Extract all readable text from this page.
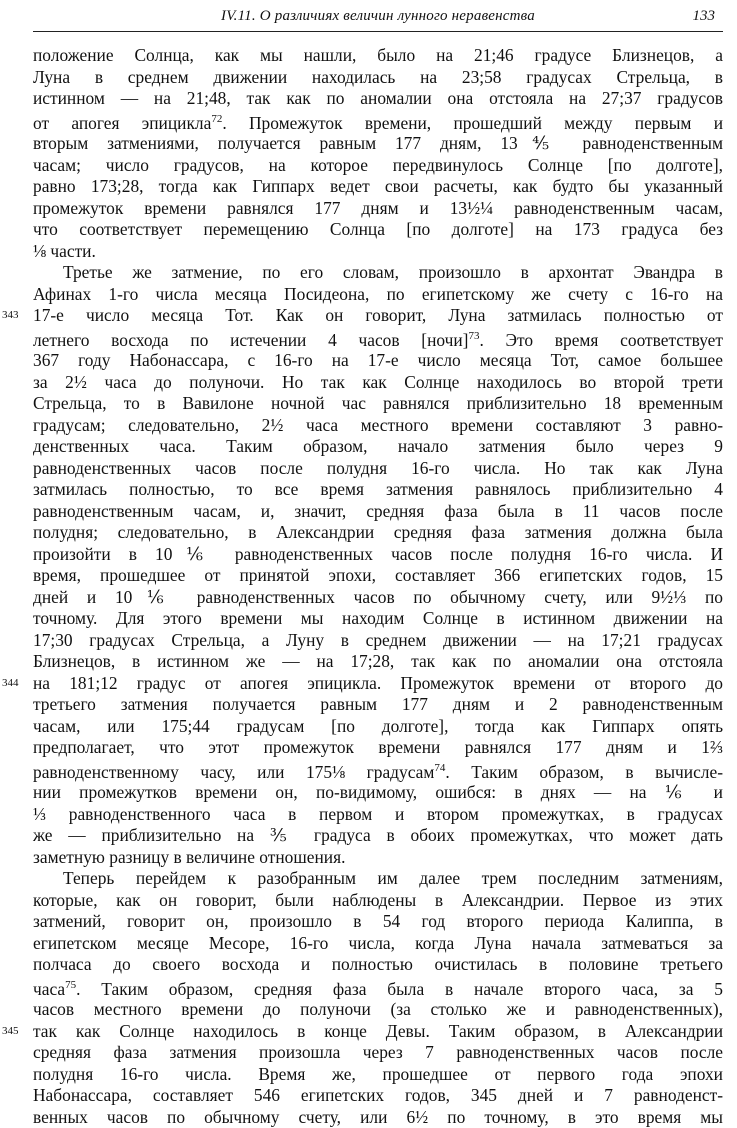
IV.11. О различиях величин лунного неравенства	133
положение Солнца, как мы нашли, было на 21;46 градусе Близнецов, а
Луна в среднем движении находилась на 23;58 градусах Стрельца, в
истинном — на 21;48, так как по аномалии она отстояла на 27;37 градусов
от апогея эпицикла$^{72}$. Промежуток времени, прошедший между первым и
вторым затмениями, получается равным 177 дням, 13⅘ равноденственным
часам; число градусов, на которое передвинулось Солнце [по долготе],
равно 173;28, тогда как Гиппарх ведет свои расчеты, как будто бы указанный
промежуток времени равнялся 177 дням и 13½¼ равноденственным часам,
что соответствует перемещению Солнца [по долготе] на 173 градуса без
⅛ части.
Третье же затмение, по его словам, произошло в архонтат Эвандра в
Афинах 1-го числа месяца Посидеона, по египетскому же счету с 16-го на
343 17-е число месяца Тот. Как он говорит, Луна затмилась полностью от
летнего восхода по истечении 4 часов [ночи]$^{73}$. Это время соответствует
367 году Набонассара, с 16-го на 17-е число месяца Тот, самое большее
за 2½ часа до полуночи. Но так как Солнце находилось во второй трети
Стрельца, то в Вавилоне ночной час равнялся приблизительно 18 временным
градусам; следовательно, 2½ часа местного времени составляют 3 равно-
денственных часа. Таким образом, начало затмения было через 9
равноденственных часов после полудня 16-го числа. Но так как Луна
затмилась полностью, то все время затмения равнялось приблизительно 4
равноденственным часам, и, значит, средняя фаза была в 11 часов после
полудня; следовательно, в Александрии средняя фаза затмения должна была
произойти в 10⅙ равноденственных часов после полудня 16-го числа. И
время, прошедшее от принятой эпохи, составляет 366 египетских годов, 15
дней и 10⅙ равноденственных часов по обычному счету, или 9½⅓ по
точному. Для этого времени мы находим Солнце в истинном движении на
17;30 градусах Стрельца, а Луну в среднем движении — на 17;21 градусах
Близнецов, в истинном же — на 17;28, так как по аномалии она отстояла
344 на 181;12 градус от апогея эпицикла. Промежуток времени от второго до
третьего затмения получается равным 177 дням и 2 равноденственным
часам, или 175;44 градусам [по долготе], тогда как Гиппарх опять
предполагает, что этот промежуток времени равнялся 177 дням и 1⅔
равноденственному часу, или 175⅛ градусам$^{74}$. Таким образом, в вычисле-
нии промежутков времени он, по-видимому, ошибся: в днях — на ⅙ и
⅓ равноденственного часа в первом и втором промежутках, в градусах
же — приблизительно на ⅗ градуса в обоих промежутках, что может дать
заметную разницу в величине отношения.
Теперь перейдем к разобранным им далее трем последним затмениям,
которые, как он говорит, были наблюдены в Александрии. Первое из этих
затмений, говорит он, произошло в 54 год второго периода Калиппа, в
египетском месяце Месоре, 16-го числа, когда Луна начала затмеваться за
полчаса до своего восхода и полностью очистилась в половине третьего
часа$^{75}$. Таким образом, средняя фаза была в начале второго часа, за 5
часов местного времени до полуночи (за столько же и равноденственных),
345 так как Солнце находилось в конце Девы. Таким образом, в Александрии
средняя фаза затмения произошла через 7 равноденственных часов после
полудня 16-го числа. Время же, прошедшее от первого года эпохи
Набонассара, составляет 546 египетских годов, 345 дней и 7 равноденст-
венных часов по обычному счету, или 6½ по точному, в это время мы
